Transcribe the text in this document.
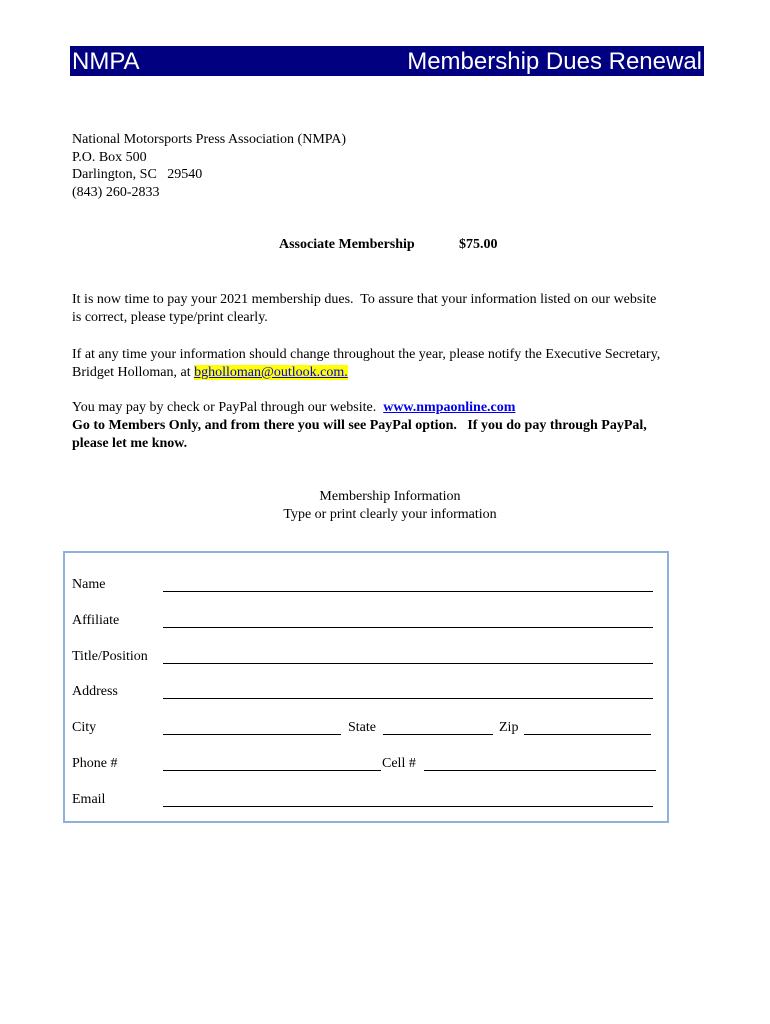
NMPA	Membership Dues Renewal
National Motorsports Press Association (NMPA)
P.O. Box 500
Darlington, SC   29540
(843) 260-2833
Associate Membership	$75.00
It is now time to pay your 2021 membership dues.  To assure that your information listed on our website
is correct, please type/print clearly.
If at any time your information should change throughout the year, please notify the Executive Secretary,
Bridget Holloman, at bgholloman@outlook.com.
You may pay by check or PayPal through our website.  www.nmpaonline.com
Go to Members Only, and from there you will see PayPal option.   If you do pay through PayPal,
please let me know.
Membership Information
Type or print clearly your information
Name
Affiliate
Title/Position
Address
City	State	Zip
Phone #	Cell #
Email
